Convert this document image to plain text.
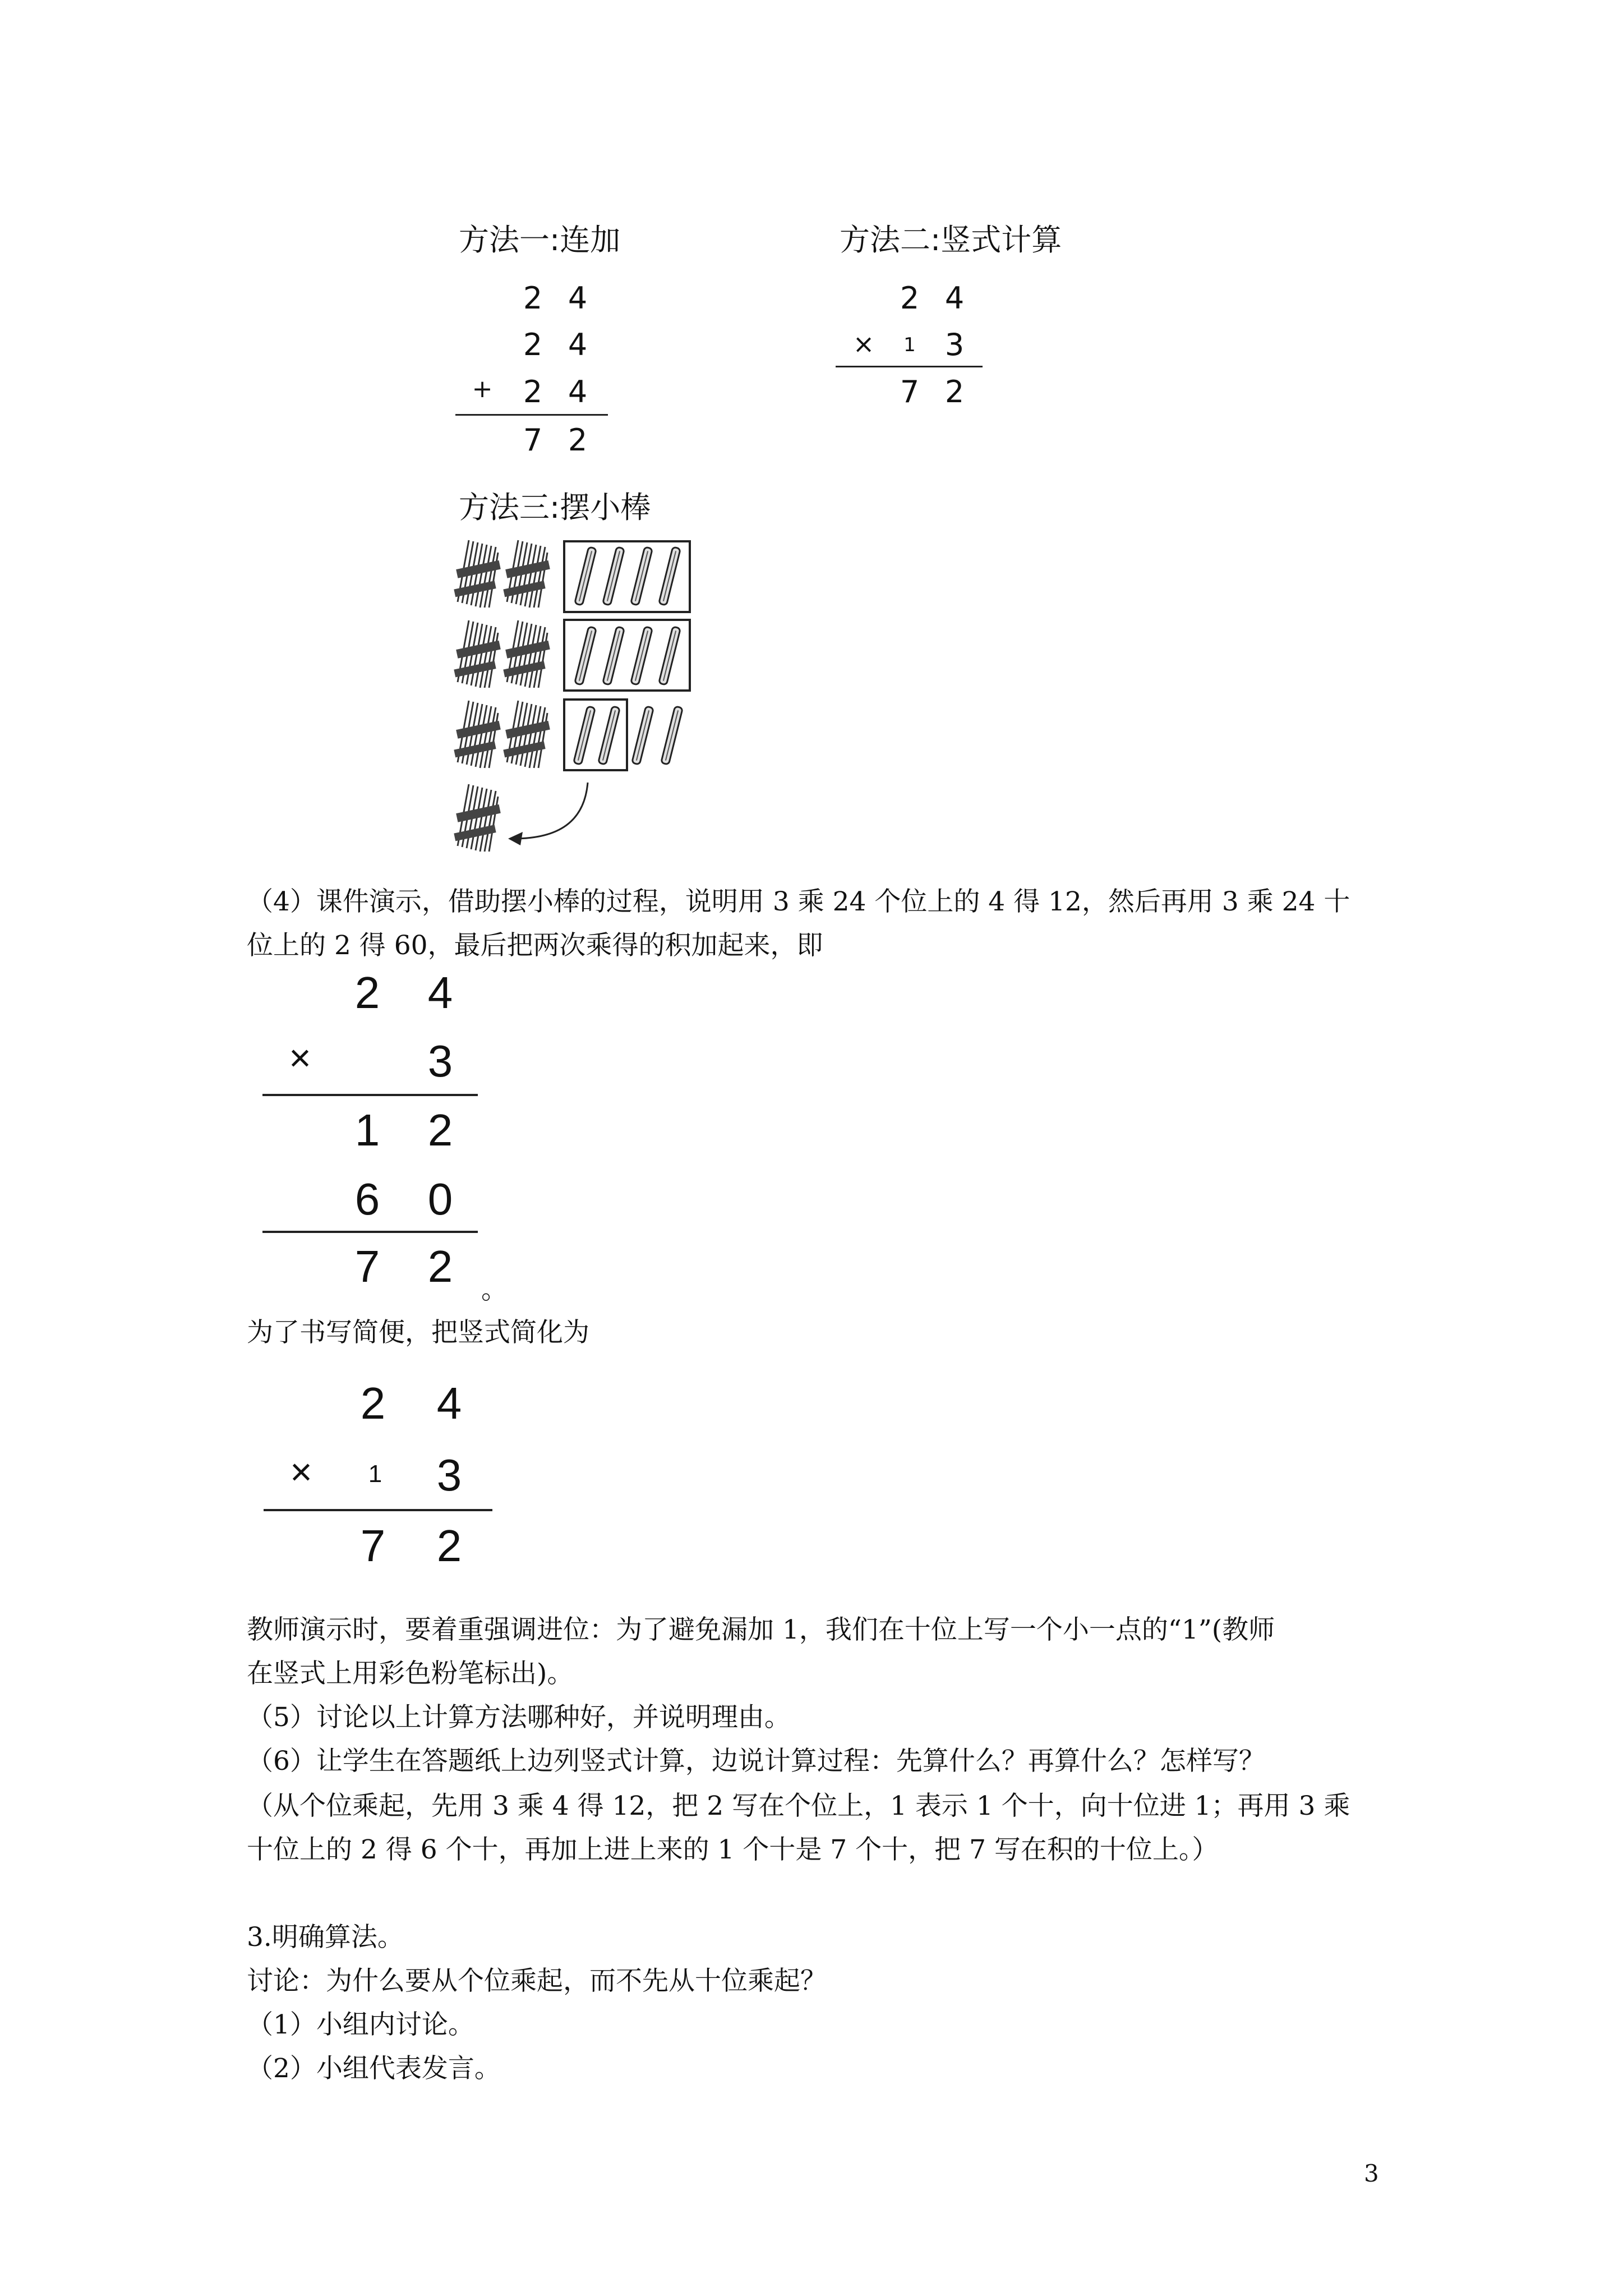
方法一:连加
2 4
2 4
+	2 4
7 2
方法二:竖式计算
2 4
×	1 3
7 2
方法三:摆小棒
（4）课件演示，借助摆小棒的过程，说明用 3 乘 24 个位上的 4 得 12，然后再用 3 乘 24 十
位上的 2 得 60，最后把两次乘得的积加起来，即
2	4
×	3
1	2
6	0
7	2	。
为了书写简便，把竖式简化为
2	4
×	1	3
7	2
教师演示时，要着重强调进位：为了避免漏加 1，我们在十位上写一个小一点的“1”(教师
在竖式上用彩色粉笔标出)。
（5）讨论以上计算方法哪种好，并说明理由。
（6）让学生在答题纸上边列竖式计算，边说计算过程：先算什么？再算什么？怎样写？
（从个位乘起，先用 3 乘 4 得 12，把 2 写在个位上，1 表示 1 个十，向十位进 1；再用 3 乘
十位上的 2 得 6 个十，再加上进上来的 1 个十是 7 个十，把 7 写在积的十位上。）
3.明确算法。
讨论：为什么要从个位乘起，而不先从十位乘起？
（1）小组内讨论。
（2）小组代表发言。
3
